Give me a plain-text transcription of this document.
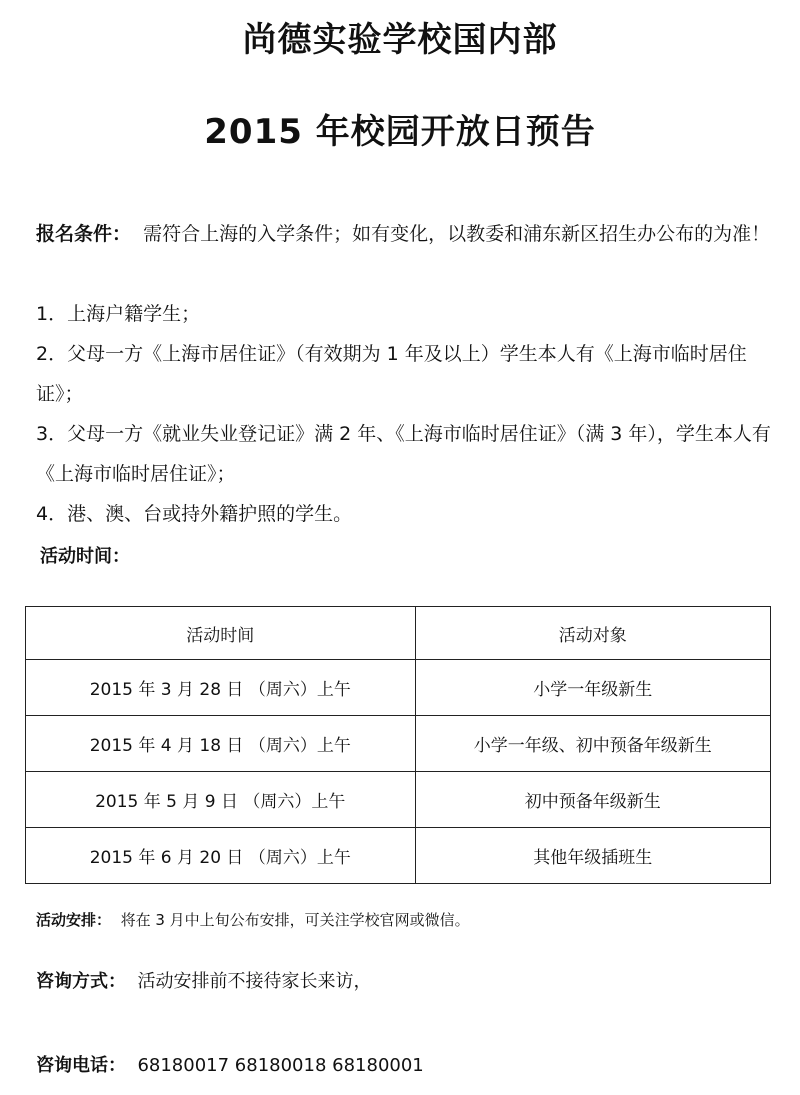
尚德实验学校国内部
2015 年校园开放日预告

报名条件： 需符合上海的入学条件；如有变化，以教委和浦东新区招生办公布的为准！

1．上海户籍学生；

2．父母一方《上海市居住证》（有效期为 1 年及以上）学生本人有《上海市临时居住证》；

3．父母一方《就业失业登记证》满 2 年、《上海市临时居住证》（满 3 年），学生本人有《上海市临时居住证》；

4．港、澳、台或持外籍护照的学生。

活动时间：

活动时间	活动对象
2015 年 3 月 28 日 （周六）上午	小学一年级新生
2015 年 4 月 18 日 （周六）上午	小学一年级、初中预备年级新生
2015 年 5 月 9 日 （周六）上午	初中预备年级新生
2015 年 6 月 20 日 （周六）上午	其他年级插班生

活动安排： 将在 3 月中上旬公布安排，可关注学校官网或微信。

咨询方式： 活动安排前不接待家长来访，

咨询电话： 68180017 68180018 68180001
